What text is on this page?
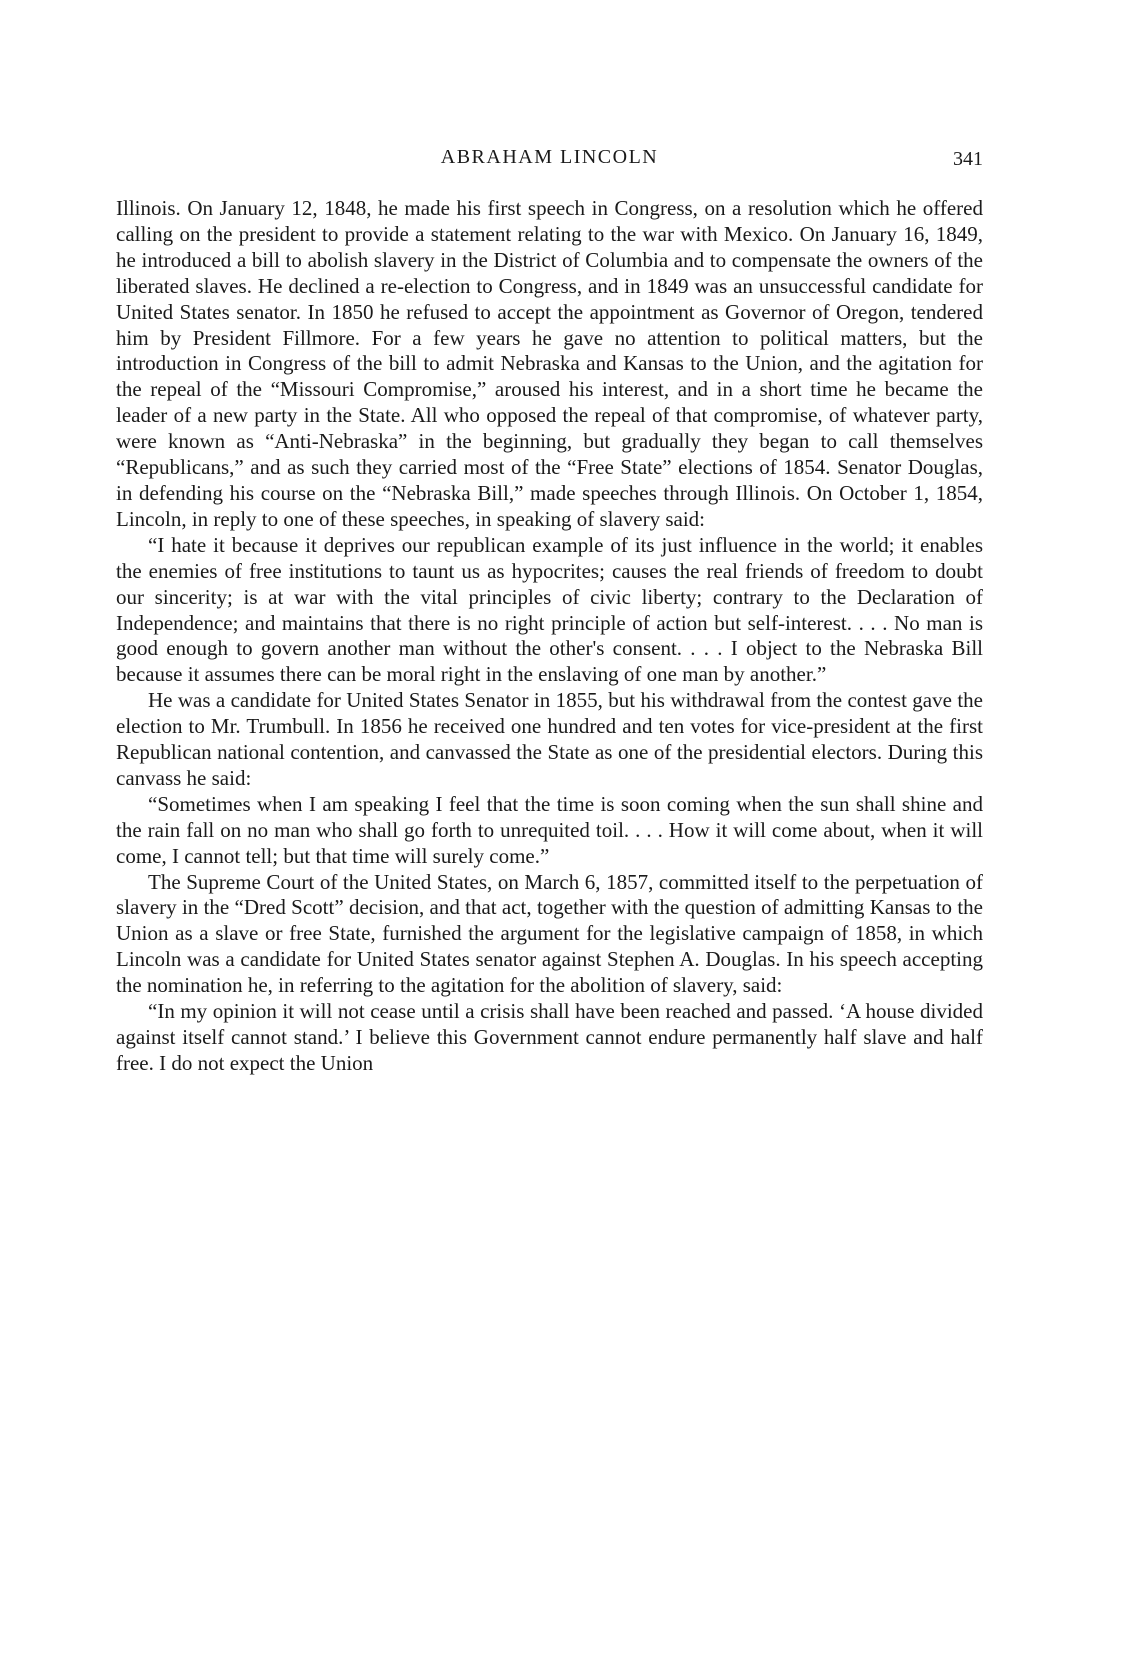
ABRAHAM LINCOLN	341

Illinois. On January 12, 1848, he made his first speech in Congress, on a resolution which he offered calling on the president to provide a statement relating to the war with Mexico. On January 16, 1849, he introduced a bill to abolish slavery in the District of Columbia and to compensate the owners of the liberated slaves. He declined a re-election to Congress, and in 1849 was an unsuccessful candidate for United States senator. In 1850 he refused to accept the appointment as Governor of Oregon, tendered him by President Fillmore. For a few years he gave no attention to political matters, but the introduction in Congress of the bill to admit Nebraska and Kansas to the Union, and the agitation for the repeal of the “Missouri Compromise,” aroused his interest, and in a short time he became the leader of a new party in the State. All who opposed the repeal of that compromise, of whatever party, were known as “Anti-Nebraska” in the beginning, but gradually they began to call themselves “Republicans,” and as such they carried most of the “Free State” elections of 1854. Senator Douglas, in defending his course on the “Nebraska Bill,” made speeches through Illinois. On October 1, 1854, Lincoln, in reply to one of these speeches, in speaking of slavery said:

“I hate it because it deprives our republican example of its just influence in the world; it enables the enemies of free institutions to taunt us as hypocrites; causes the real friends of freedom to doubt our sincerity; is at war with the vital principles of civic liberty; contrary to the Declaration of Independence; and maintains that there is no right principle of action but self-interest. . . . No man is good enough to govern another man without the other's consent. . . . I object to the Nebraska Bill because it assumes there can be moral right in the enslaving of one man by another.”

He was a candidate for United States Senator in 1855, but his withdrawal from the contest gave the election to Mr. Trumbull. In 1856 he received one hundred and ten votes for vice-president at the first Republican national contention, and canvassed the State as one of the presidential electors. During this canvass he said:

“Sometimes when I am speaking I feel that the time is soon coming when the sun shall shine and the rain fall on no man who shall go forth to unrequited toil. . . . How it will come about, when it will come, I cannot tell; but that time will surely come.”

The Supreme Court of the United States, on March 6, 1857, committed itself to the perpetuation of slavery in the “Dred Scott” decision, and that act, together with the question of admitting Kansas to the Union as a slave or free State, furnished the argument for the legislative campaign of 1858, in which Lincoln was a candidate for United States senator against Stephen A. Douglas. In his speech accepting the nomination he, in referring to the agitation for the abolition of slavery, said:

“In my opinion it will not cease until a crisis shall have been reached and passed. ‘A house divided against itself cannot stand.’ I believe this Government cannot endure permanently half slave and half free. I do not expect the Union
